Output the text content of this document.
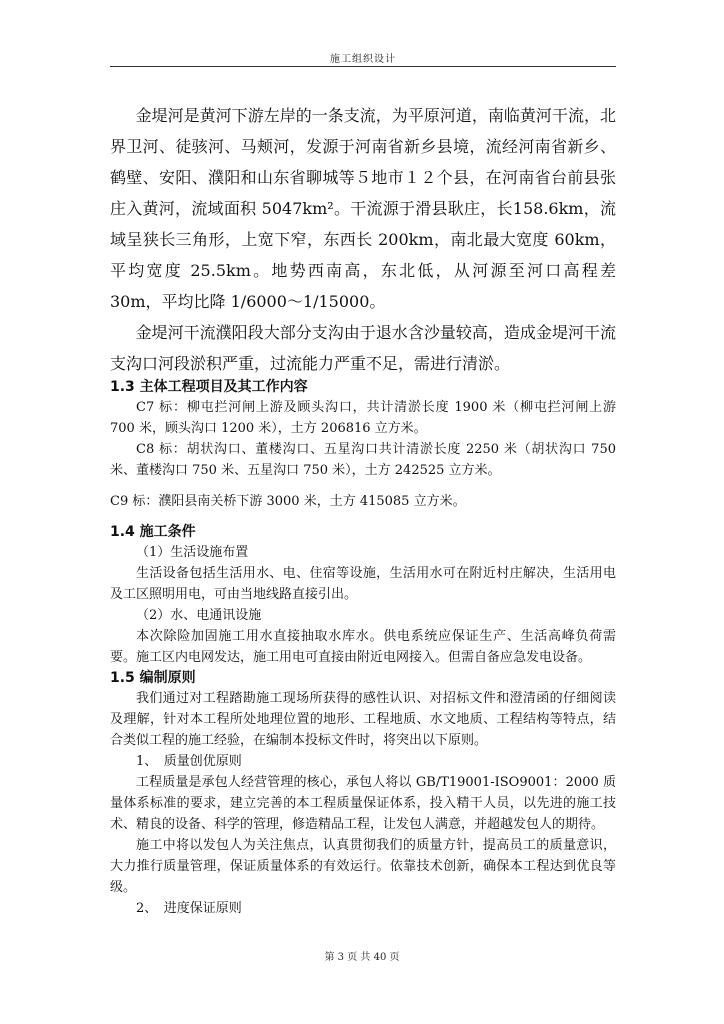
施工组织设计

金堤河是黄河下游左岸的一条支流，为平原河道，南临黄河干流，北界卫河、徒骇河、马颊河，发源于河南省新乡县境，流经河南省新乡、鹤壁、安阳、濮阳和山东省聊城等５地市１２个县，在河南省台前县张庄入黄河，流域面积 5047km²。干流源于滑县耿庄，长158.6km，流域呈狭长三角形，上宽下窄，东西长 200km，南北最大宽度 60km，平均宽度 25.5km。地势西南高，东北低，从河源至河口高程差 30m，平均比降 1/6000～1/15000。

金堤河干流濮阳段大部分支沟由于退水含沙量较高，造成金堤河干流支沟口河段淤积严重，过流能力严重不足，需进行清淤。

1.3 主体工程项目及其工作内容

C7 标：柳屯拦河闸上游及顾头沟口，共计清淤长度 1900 米（柳屯拦河闸上游 700 米，顾头沟口 1200 米），土方 206816 立方米。

C8 标：胡状沟口、董楼沟口、五星沟口共计清淤长度 2250 米（胡状沟口 750 米、董楼沟口 750 米、五星沟口 750 米），土方 242525 立方米。

C9 标：濮阳县南关桥下游 3000 米，土方 415085 立方米。

1.4 施工条件

（1）生活设施布置

生活设备包括生活用水、电、住宿等设施，生活用水可在附近村庄解决，生活用电及工区照明用电，可由当地线路直接引出。

（2）水、电通讯设施

本次除险加固施工用水直接抽取水库水。供电系统应保证生产、生活高峰负荷需要。施工区内电网发达，施工用电可直接由附近电网接入。但需自备应急发电设备。

1.5 编制原则

我们通过对工程踏勘施工现场所获得的感性认识、对招标文件和澄清函的仔细阅读及理解，针对本工程所处地理位置的地形、工程地质、水文地质、工程结构等特点，结合类似工程的施工经验，在编制本投标文件时，将突出以下原则。

1、　质量创优原则

工程质量是承包人经营管理的核心，承包人将以 GB/T19001-ISO9001：2000 质量体系标准的要求，建立完善的本工程质量保证体系，投入精干人员，以先进的施工技术、精良的设备、科学的管理，修造精品工程，让发包人满意，并超越发包人的期待。

施工中将以发包人为关注焦点，认真贯彻我们的质量方针，提高员工的质量意识，大力推行质量管理，保证质量体系的有效运行。依靠技术创新，确保本工程达到优良等级。

2、　进度保证原则

第 3 页 共 40 页
